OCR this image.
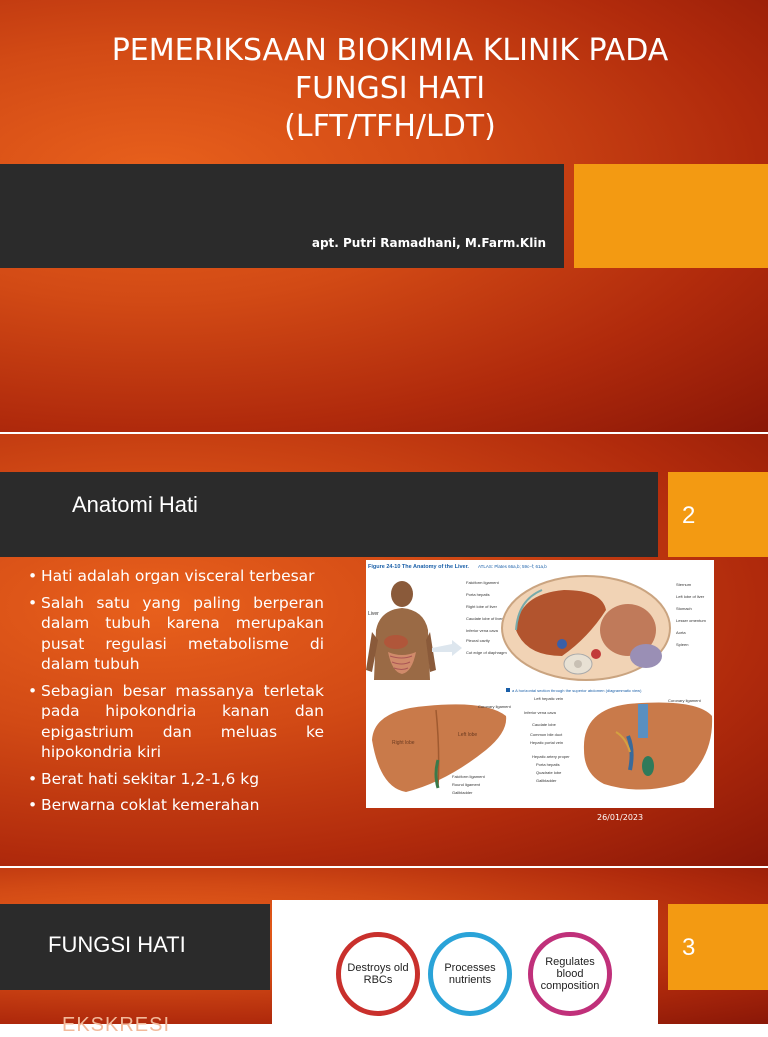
PEMERIKSAAN BIOKIMIA KLINIK PADA
FUNGSI HATI
(LFT/TFH/LDT)
apt. Putri Ramadhani, M.Farm.Klin
Anatomi Hati	2
• Hati adalah organ visceral terbesar
• Salah satu yang paling berperan dalam tubuh karena merupakan pusat regulasi metabolisme di dalam tubuh
• Sebagian besar massanya terletak pada hipokondria kanan dan epigastrium dan meluas ke hipokondria kiri
• Berat hati sekitar 1,2-1,6 kg
• Berwarna coklat kemerahan
Figure 24-10 The Anatomy of the Liver. ATLAS: Plates 66a,b; 59c–f; 61a,b
Liver
Falciform ligament
Porta hepatis
Right lobe of liver
Caudate lobe of liver
Inferior vena cava
Pleural cavity
Cut edge of diaphragm
Sternum
Left lobe of liver
Stomach
Lesser omentum
Aorta
Spleen
a A horizontal section through the superior abdomen (diagrammatic view)
Right lobe
Left lobe
Coronary ligament
Falciform ligament
Round ligament
Gallbladder
Left hepatic vein
Inferior vena cava
Caudate lobe
Common bile duct
Hepatic portal vein
Hepatic artery proper
Porta hepatis
Quadrate lobe
Gallbladder
Coronary ligament
26/01/2023
FUNGSI HATI
Destroys old RBCs
Processes nutrients
Regulates blood composition
3
EKSKRESI
